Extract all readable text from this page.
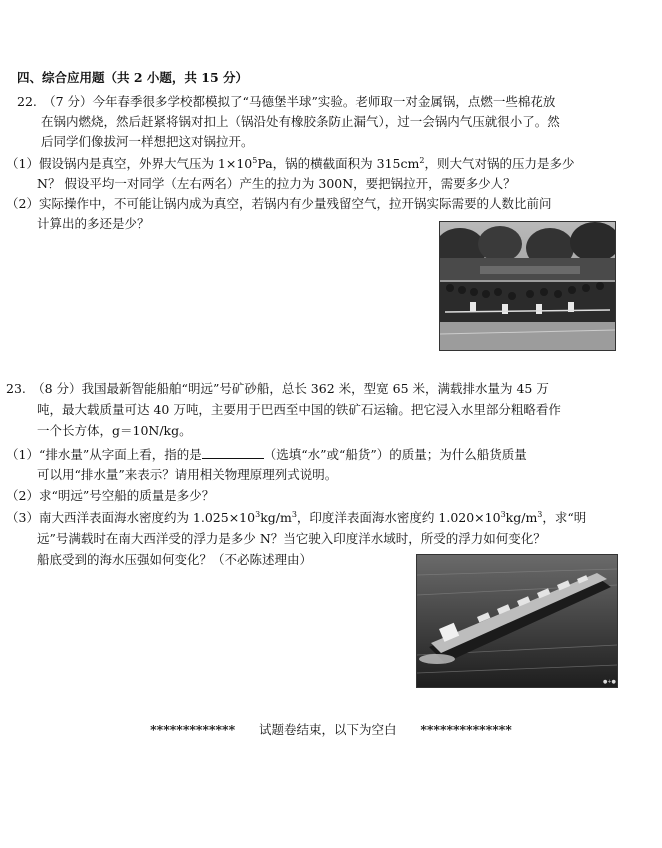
四、综合应用题（共 2 小题，共 15 分）
22.　（7 分）今年春季很多学校都模拟了“马德堡半球”实验。老师取一对金属锅，点燃一些棉花放
在锅内燃烧，然后赶紧将锅对扣上（锅沿处有橡胶条防止漏气），过一会锅内气压就很小了。然
后同学们像拔河一样想把这对锅拉开。
（1）假设锅内是真空，外界大气压为 $1\times 10^5Pa$，锅的横截面积为 $315cm^2$，则大气对锅的压力是多少
N？ 假设平均一对同学（左右两名）产生的拉力为 300N，要把锅拉开，需要多少人？
（2）实际操作中，不可能让锅内成为真空，若锅内有少量残留空气，拉开锅实际需要的人数比前问
计算出的多还是少？
23.　（8 分）我国最新智能船舶“明远”号矿砂船，总长 362 米，型宽 65 米，满载排水量为 45 万
吨，最大载质量可达 40 万吨，主要用于巴西至中国的铁矿石运输。把它浸入水里部分粗略看作
一个长方体，g＝10N/kg。
（1）“排水量”从字面上看，指的是	（选填“水”或“船货”）的质量；为什么船货质量
可以用“排水量”来表示？请用相关物理原理列式说明。
（2）求“明远”号空船的质量是多少？
（3）南大西洋表面海水密度约为 $1.025\times 10^3kg/m^3$，印度洋表面海水密度约 $1.020\times 10^3kg/m^3$，求“明
远”号满载时在南大西洋受的浮力是多少 N？当它驶入印度洋水域时，所受的浮力如何变化？
船底受到的海水压强如何变化？（不必陈述理由）
●+●
************* 试题卷结束，以下为空白 **************
